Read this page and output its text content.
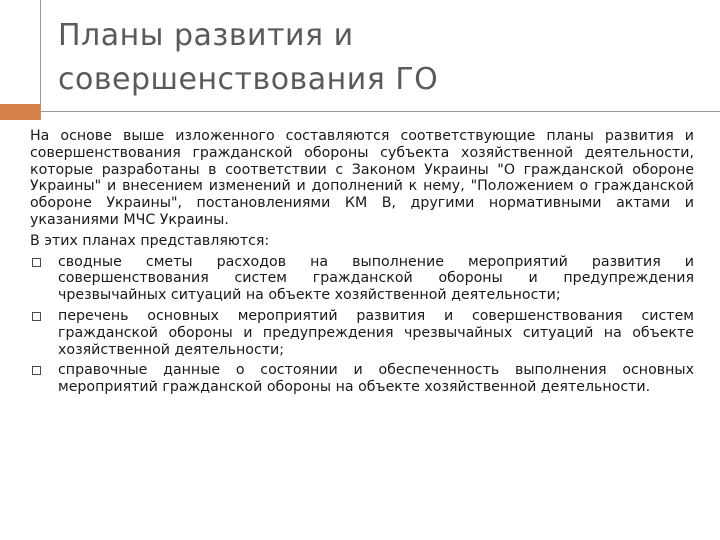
Планы развития и
совершенствования ГО

На основе выше изложенного составляются соответствующие планы развития и совершенствования гражданской обороны субъекта хозяйственной деятельности, которые разработаны в соответствии с Законом Украины "О гражданской обороне Украины" и внесением изменений и дополнений к нему, "Положением о гражданской обороне Украины", постановлениями КМ В, другими нормативными актами и указаниями МЧС Украины.

В этих планах представляются:

сводные сметы расходов на выполнение мероприятий развития и совершенствования систем гражданской обороны и предупреждения чрезвычайных ситуаций на объекте хозяйственной деятельности;
перечень основных мероприятий развития и совершенствования систем гражданской обороны и предупреждения чрезвычайных ситуаций на объекте хозяйственной деятельности;
справочные данные о состоянии и обеспеченность выполнения основных мероприятий гражданской обороны на объекте хозяйственной деятельности.
